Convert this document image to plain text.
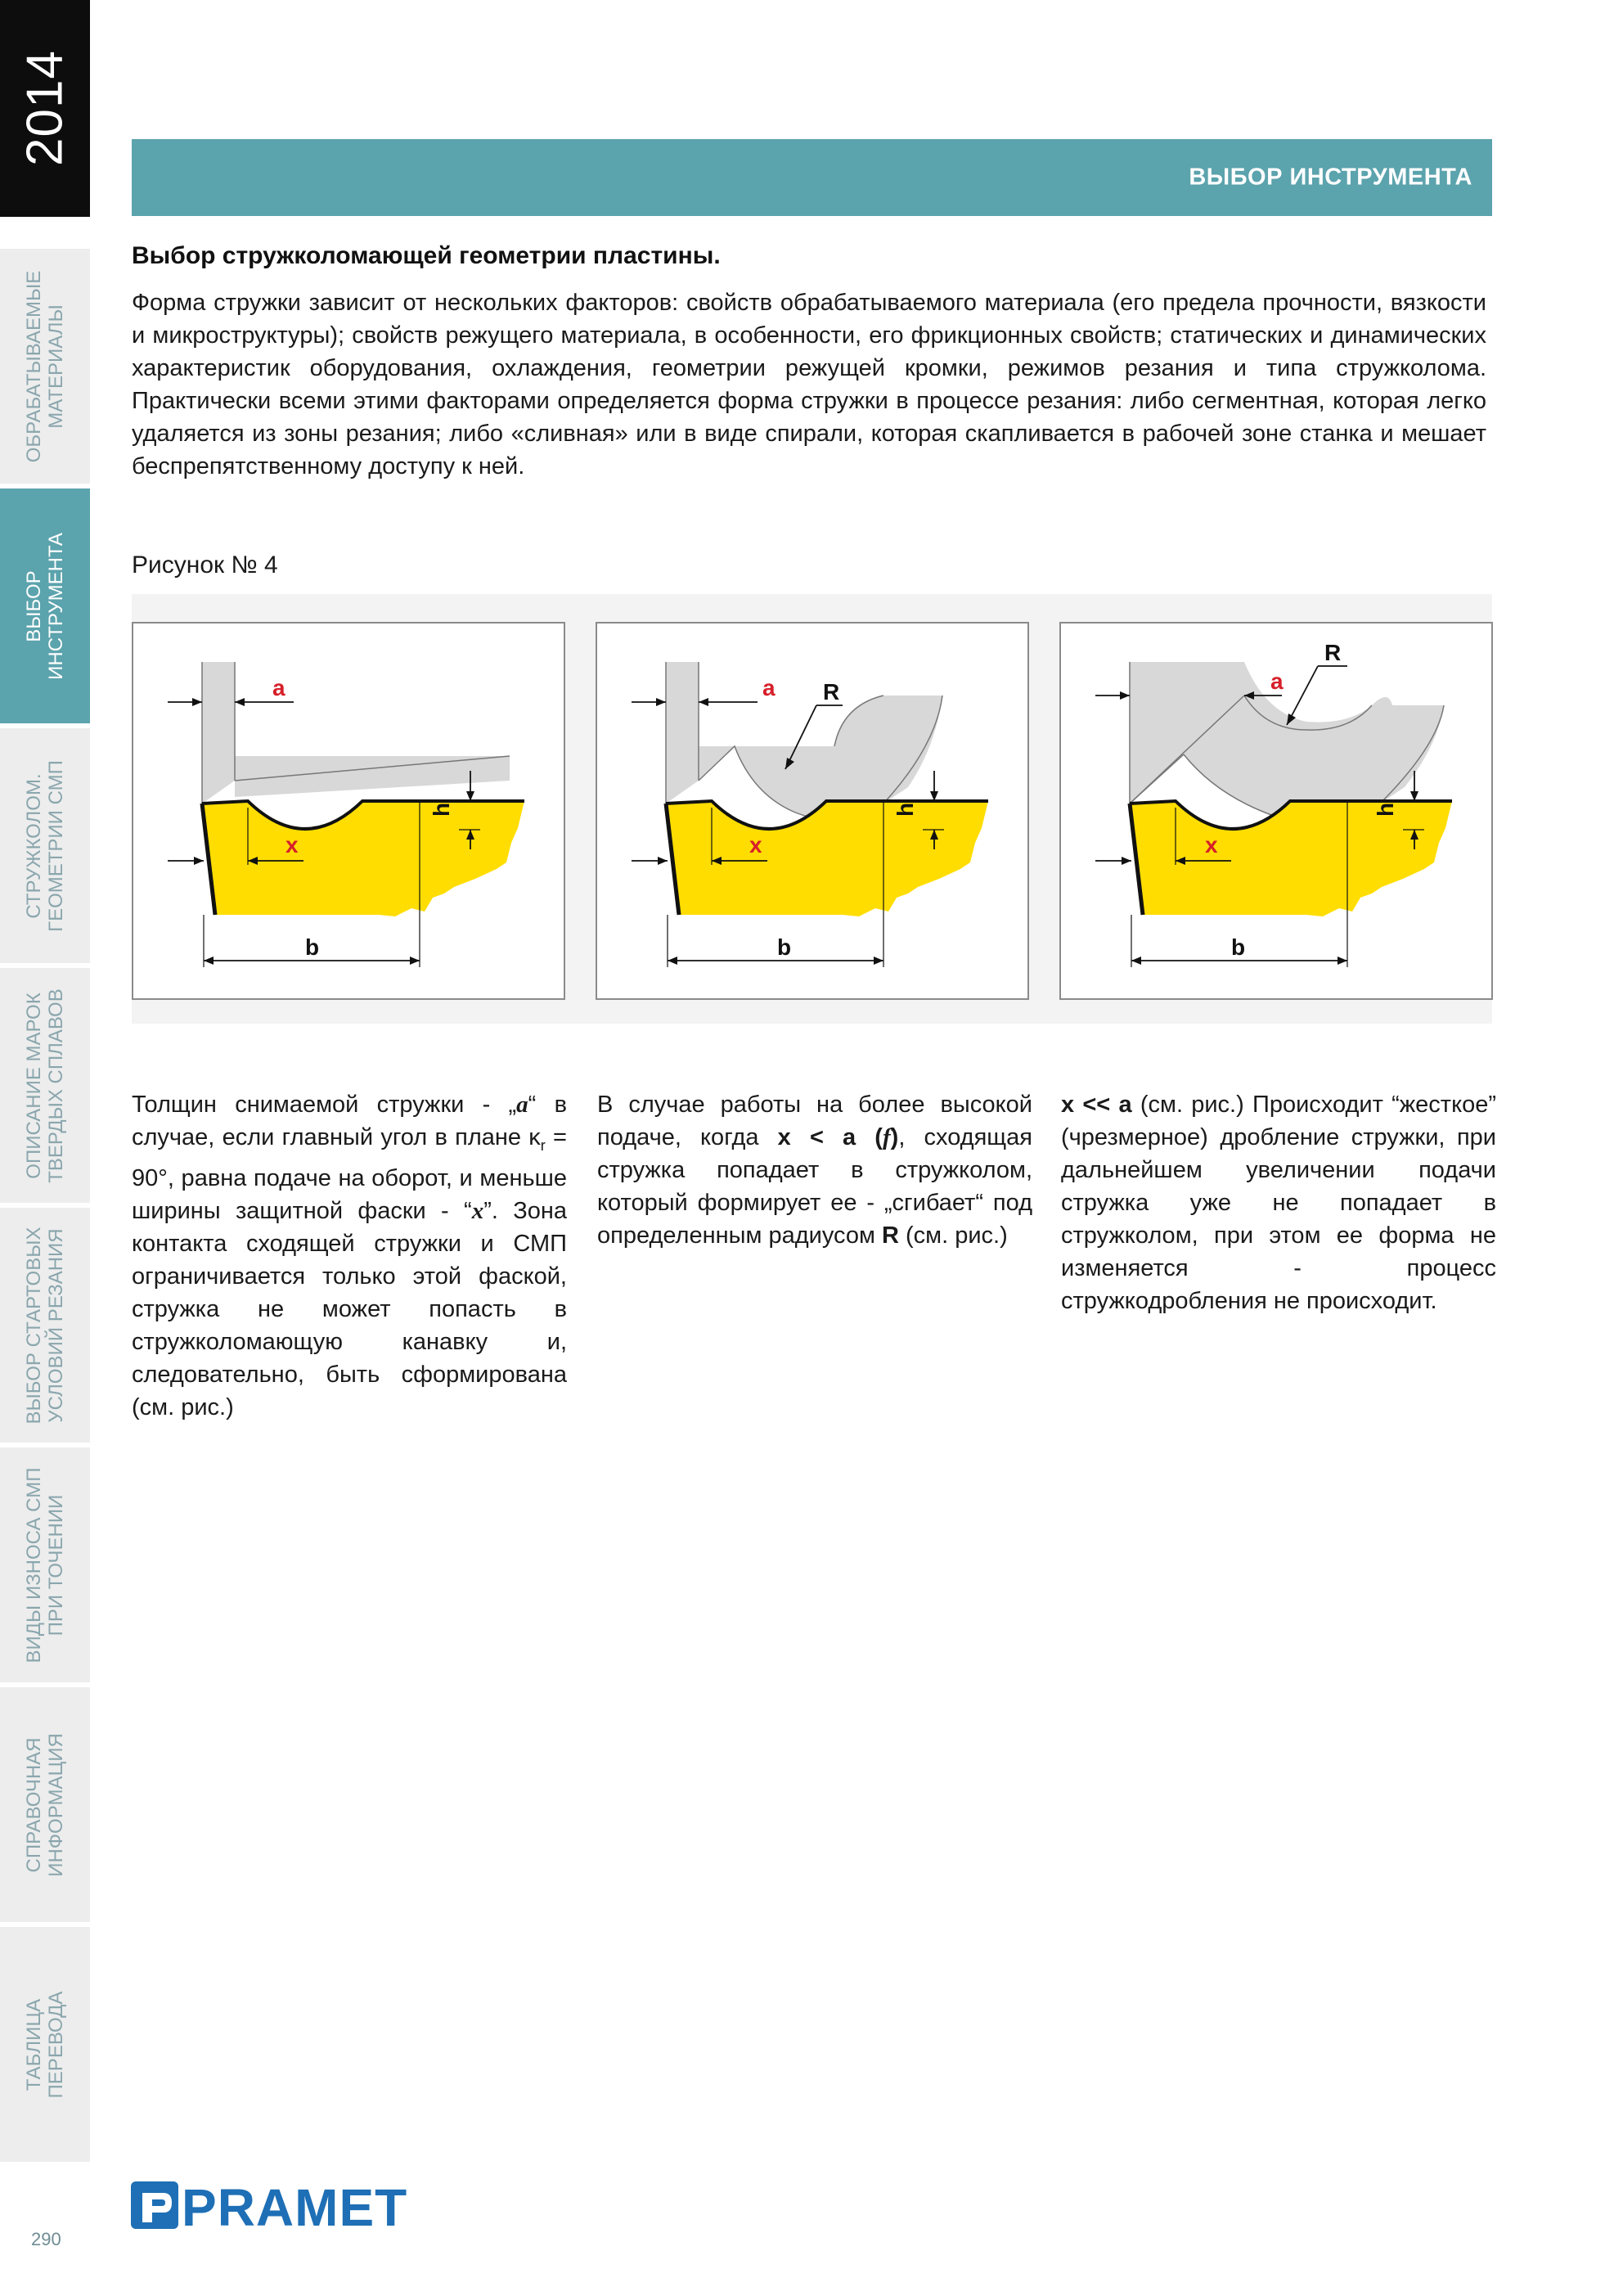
2014
ОБРАБАТЫВАЕМЫЕ
МАТЕРИАЛЫ
ВЫБОР
ИНСТРУМЕНТА
СТРУЖКОЛОМ.
ГЕОМЕТРИИ СМП
ОПИСАНИЕ МАРОК
ТВЕРДЫХ СПЛАВОВ
ВЫБОР СТАРТОВЫХ
УСЛОВИЙ РЕЗАНИЯ
ВИДЫ ИЗНОСА СМП
ПРИ ТОЧЕНИИ
СПРАВОЧНАЯ
ИНФОРМАЦИЯ
ТАБЛИЦА
ПЕРЕВОДА
290
ВЫБОР ИНСТРУМЕНТА
Выбор стружколомающей геометрии пластины.

Форма стружки зависит от нескольких факторов: свойств обрабатываемого материала (его предела прочности, вязкости и микроструктуры); свойств режущего материала, в особенности, его фрикционных свойств; статических и динамических характеристик оборудования, охлаждения, геометрии режущей кромки, режимов резания и типа стружколома. Практически всеми этими факторами определяется форма стружки в процессе резания: либо сегментная, которая легко удаляется из зоны резания; либо «сливная» или в виде спирали, которая скапливается в рабочей зоне станка и мешает беспрепятственному доступу к ней.

Рисунок № 4
a
x
h
b
a R
x
h
b
a
R
x
h
b

Толщин снимаемой стружки - „a“ в случае, если главный угол в плане $\kappa_r = 90^\circ$, равна подаче на оборот, и меньше ширины защитной фаски - “x”. Зона контакта сходящей стружки и СМП ограничивается только этой фаской, стружка не может попасть в стружколомающую канавку и, следовательно, быть сформирована (см. рис.)

В случае работы на более высокой подаче, когда x < a (f), сходящая стружка попадает в стружколом, который формирует ее - „сгибает“ под определенным радиусом R (см. рис.)

x << a (см. рис.) Происходит “жесткое” (чрезмерное) дробление стружки, при дальнейшем увеличении подачи стружка уже не попадает в стружколом, при этом ее форма не изменяется - процесс стружкодробления не происходит.

PRAMET
